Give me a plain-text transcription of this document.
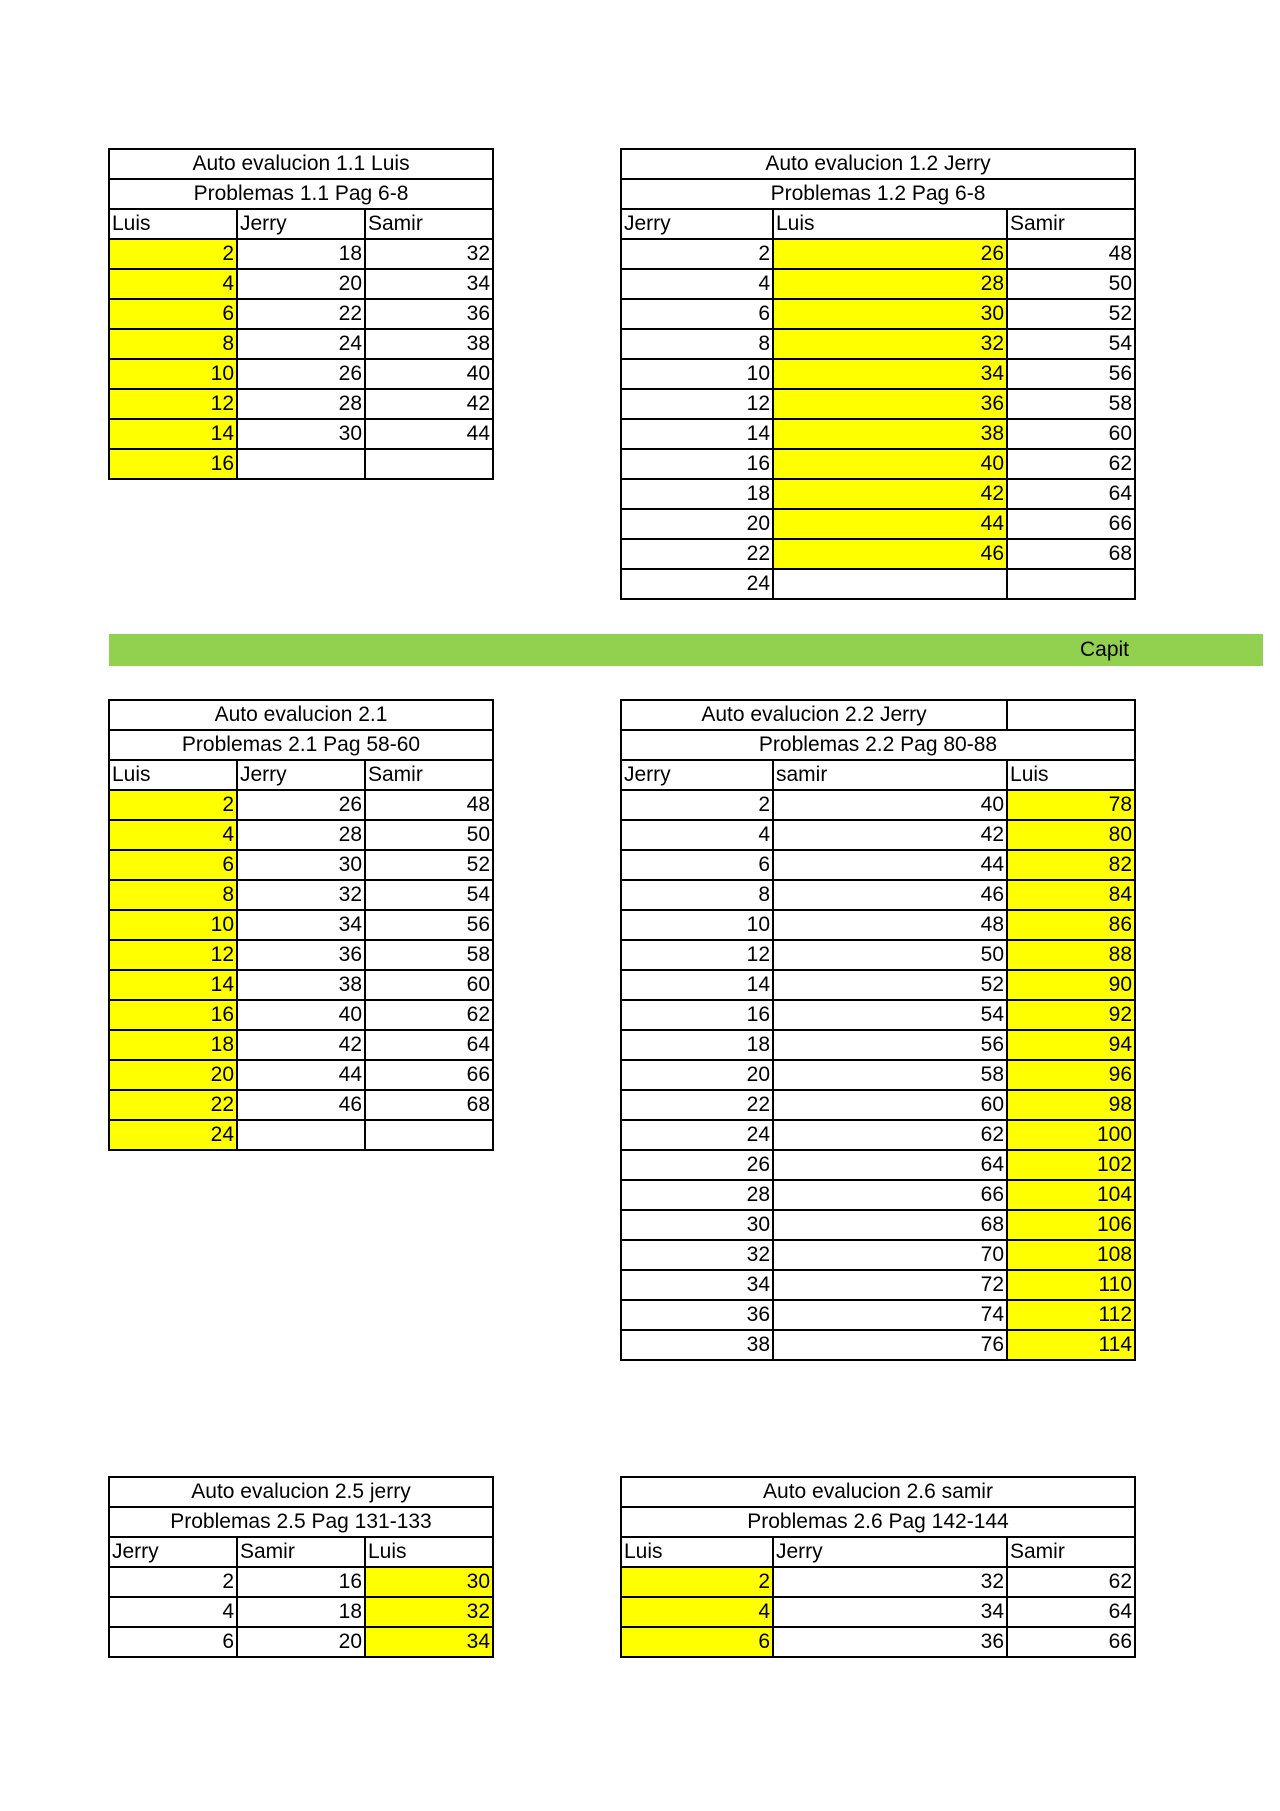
Auto evalucion 1.1 Luis		
Problemas 1.1 Pag 6-8		
Luis	Jerry	Samir
2	18	32
4	20	34
6	22	36
8	24	38
10	26	40
12	28	42
14	30	44
16		
Auto evalucion 1.2 Jerry		
Problemas 1.2 Pag 6-8		
Jerry	Luis	Samir
2	26	48
4	28	50
6	30	52
8	32	54
10	34	56
12	36	58
14	38	60
16	40	62
18	42	64
20	44	66
22	46	68
24		
Capit
Auto evalucion 2.1		
Problemas 2.1 Pag 58-60		
Luis	Jerry	Samir
2	26	48
4	28	50
6	30	52
8	32	54
10	34	56
12	36	58
14	38	60
16	40	62
18	42	64
20	44	66
22	46	68
24		
Auto evalucion 2.2 Jerry		
Problemas 2.2 Pag 80-88		
Jerry	samir	Luis
2	40	78
4	42	80
6	44	82
8	46	84
10	48	86
12	50	88
14	52	90
16	54	92
18	56	94
20	58	96
22	60	98
24	62	100
26	64	102
28	66	104
30	68	106
32	70	108
34	72	110
36	74	112
38	76	114
Auto evalucion 2.5 jerry		
Problemas 2.5 Pag 131-133		
Jerry	Samir	Luis
2	16	30
4	18	32
6	20	34
Auto evalucion 2.6 samir		
Problemas 2.6 Pag 142-144		
Luis	Jerry	Samir
2	32	62
4	34	64
6	36	66
